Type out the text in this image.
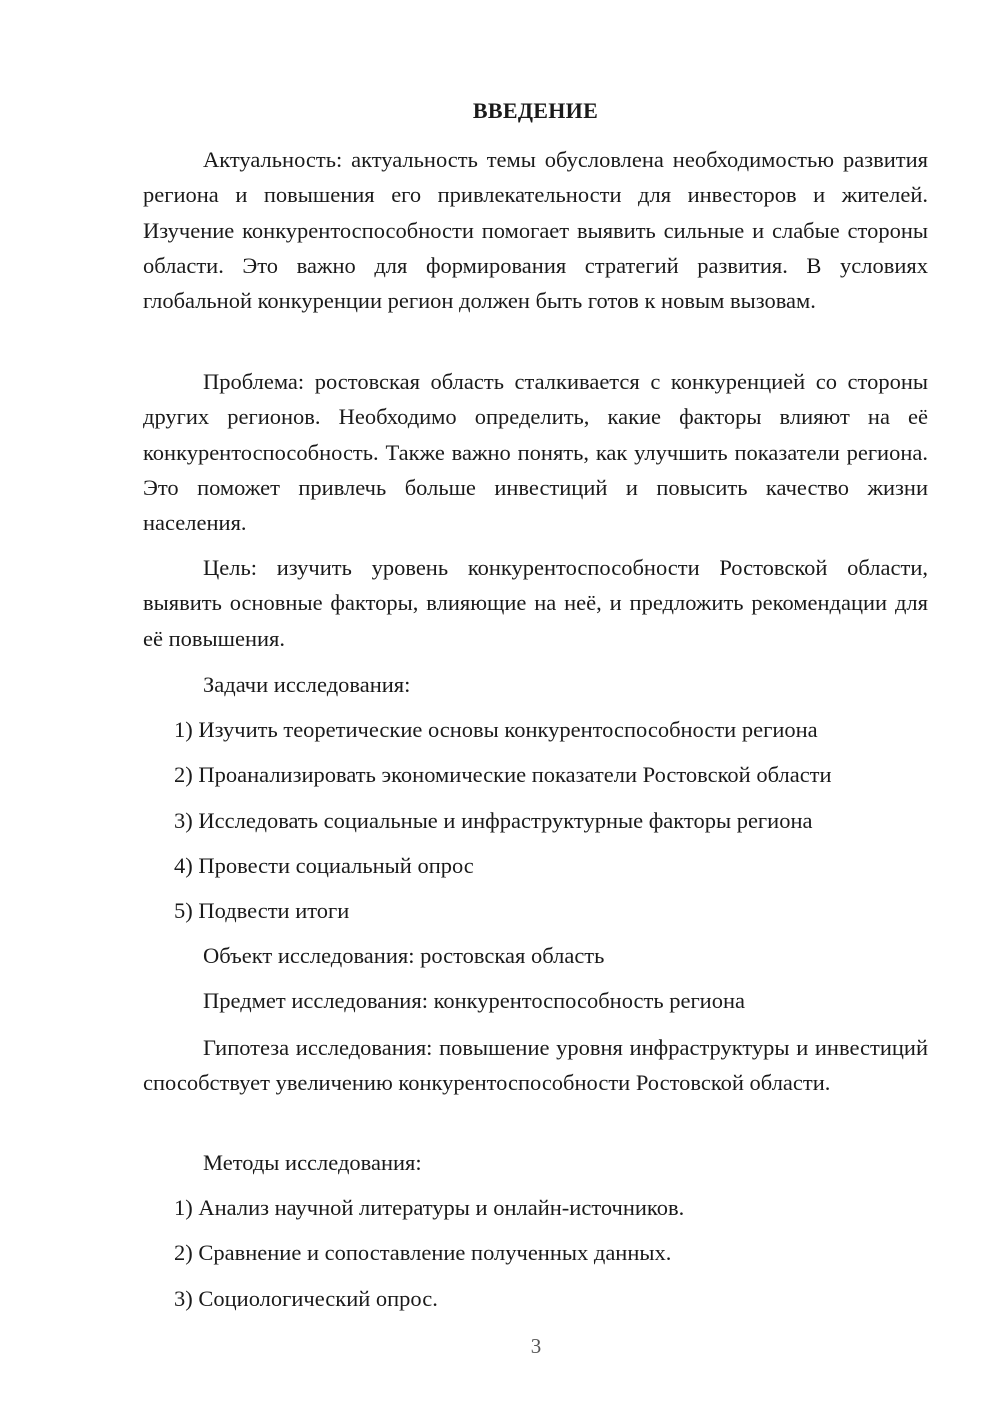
ВВЕДЕНИЕ

Актуальность: актуальность темы обусловлена необходимостью развития региона и повышения его привлекательности для инвесторов и жителей. Изучение конкурентоспособности помогает выявить сильные и слабые стороны области. Это важно для формирования стратегий развития. В условиях глобальной конкуренции регион должен быть готов к новым вызовам.

Проблема: ростовская область сталкивается с конкуренцией со стороны других регионов. Необходимо определить, какие факторы влияют на её конкурентоспособность. Также важно понять, как улучшить показатели региона. Это поможет привлечь больше инвестиций и повысить качество жизни населения.

Цель: изучить уровень конкурентоспособности Ростовской области, выявить основные факторы, влияющие на неё, и предложить рекомендации для её повышения.

Задачи исследования:

1) Изучить теоретические основы конкурентоспособности региона

2) Проанализировать экономические показатели Ростовской области

3) Исследовать социальные и инфраструктурные факторы региона

4) Провести социальный опрос

5) Подвести итоги

Объект исследования: ростовская область

Предмет исследования: конкурентоспособность региона

Гипотеза исследования: повышение уровня инфраструктуры и инвестиций способствует увеличению конкурентоспособности Ростовской области.

Методы исследования:

1) Анализ научной литературы и онлайн-источников.

2) Сравнение и сопоставление полученных данных.

3) Социологический опрос.

3
